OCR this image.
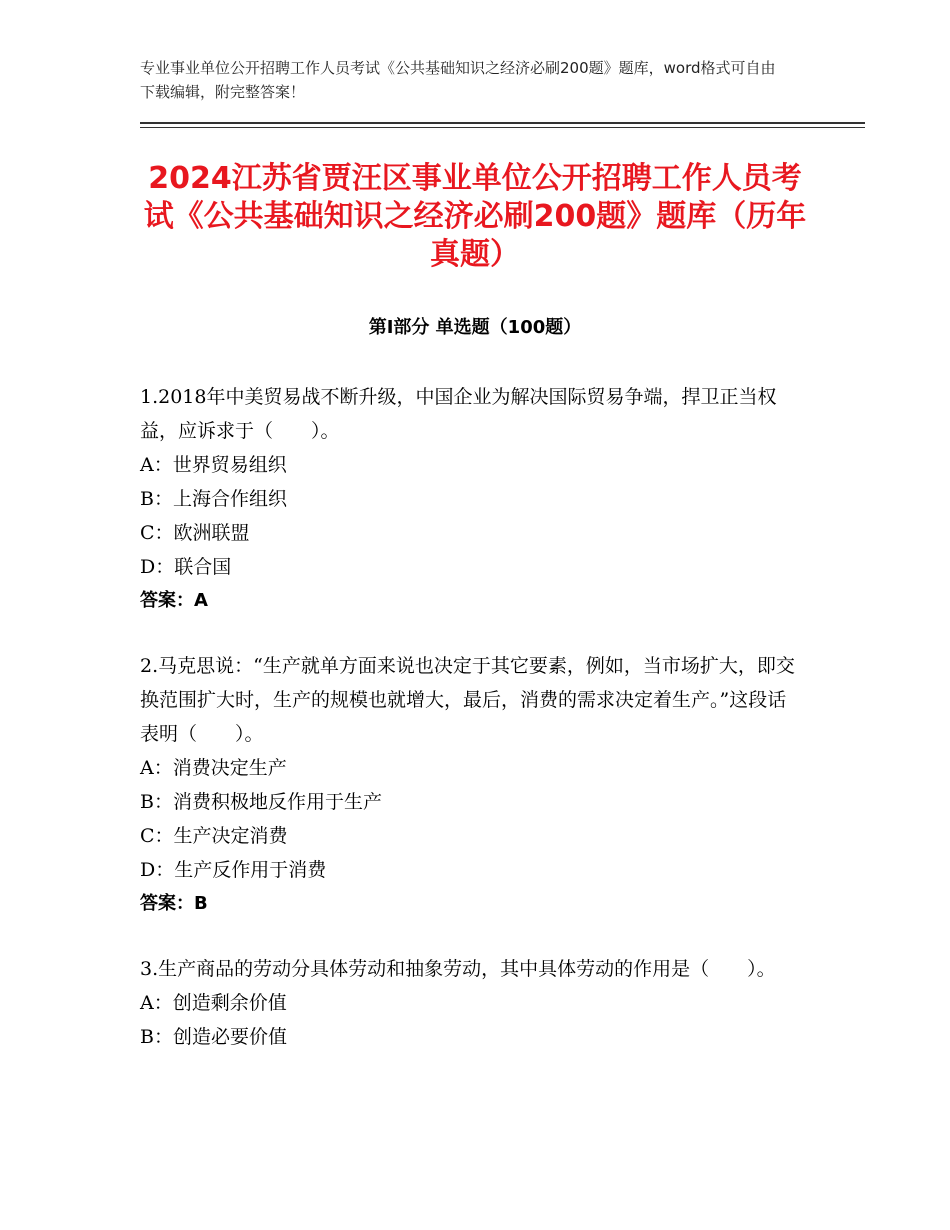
专业事业单位公开招聘工作人员考试《公共基础知识之经济必刷200题》题库，word格式可自由下载编辑，附完整答案！
2024江苏省贾汪区事业单位公开招聘工作人员考试《公共基础知识之经济必刷200题》题库（历年真题）
第Ⅰ部分 单选题（100题）

1.2018年中美贸易战不断升级，中国企业为解决国际贸易争端，捍卫正当权益，应诉求于（　　）。

A：世界贸易组织

B：上海合作组织

C：欧洲联盟

D：联合国

答案：A

2.马克思说：“生产就单方面来说也决定于其它要素，例如，当市场扩大，即交换范围扩大时，生产的规模也就增大，最后，消费的需求决定着生产。”这段话表明（　　）。

A：消费决定生产

B：消费积极地反作用于生产

C：生产决定消费

D：生产反作用于消费

答案：B

3.生产商品的劳动分具体劳动和抽象劳动，其中具体劳动的作用是（　　）。

A：创造剩余价值

B：创造必要价值
